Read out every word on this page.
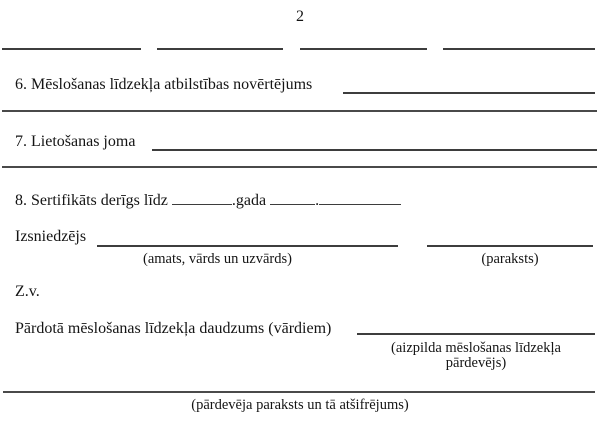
2
6. Mēslošanas līdzekļa atbilstības novērtējums
7. Lietošanas joma
8. Sertifikāts derīgs līdz	.gada	.
Izsniedzējs
(amats, vārds un uzvārds)	(paraksts)
Z.v.
Pārdotā mēslošanas līdzekļa daudzums (vārdiem)
(aizpilda mēslošanas līdzekļa
pārdevējs)
(pārdevēja paraksts un tā atšifrējums)
